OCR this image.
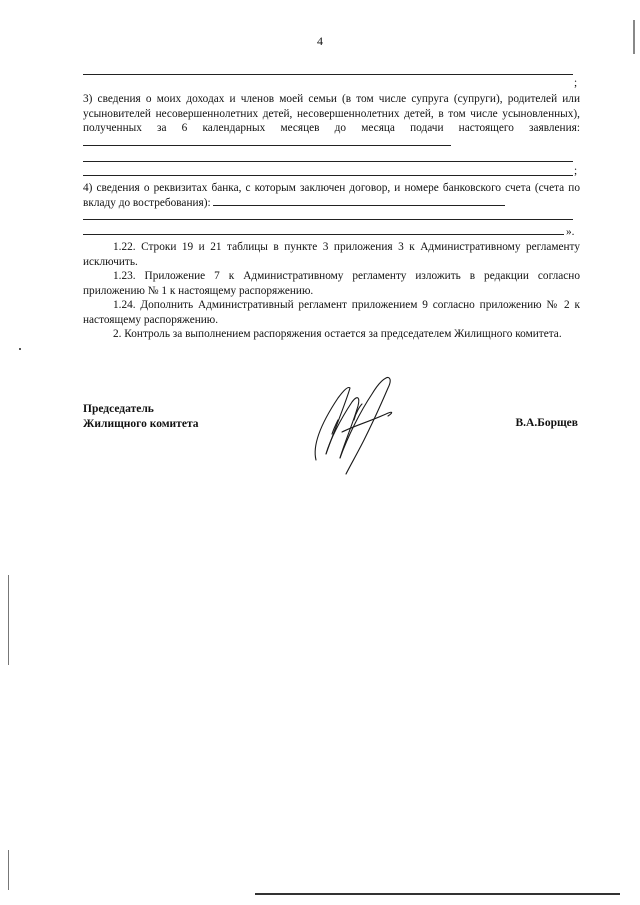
4
;
3) сведения о моих доходах и членов моей семьи (в том числе супруга (супруги), родителей или усыновителей несовершеннолетних детей, несовершеннолетних детей, в том числе усыновленных), полученных за 6 календарных месяцев до месяца подачи настоящего заявления:
;
4) сведения о реквизитах банка, с которым заключен договор, и номере банковского счета (счета по вкладу до востребования):
».
1.22. Строки 19 и 21 таблицы в пункте 3 приложения 3 к Административному регламенту исключить.
1.23. Приложение 7 к Административному регламенту изложить в редакции согласно приложению № 1 к настоящему распоряжению.
1.24. Дополнить Административный регламент приложением 9 согласно приложению № 2 к настоящему распоряжению.
2. Контроль за выполнением распоряжения остается за председателем Жилищного комитета.
Председатель
Жилищного комитета	В.А.Борщев
